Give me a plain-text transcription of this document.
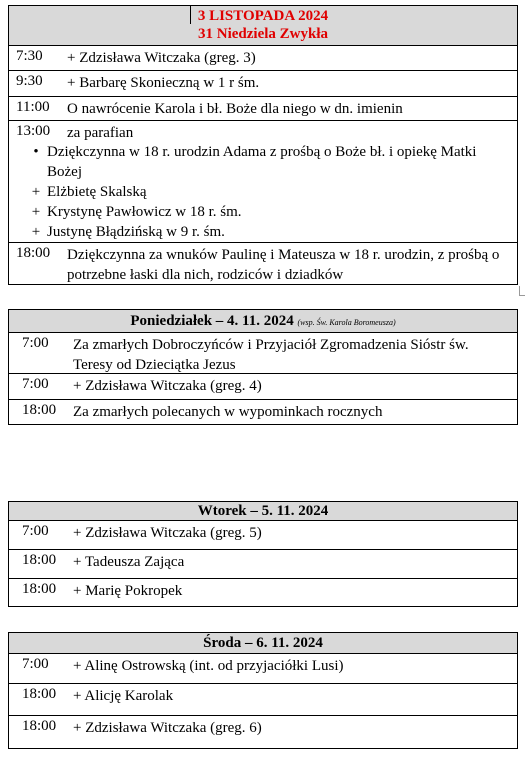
3 LISTOPADA 2024
31 Niedziela Zwykła
7:30 + Zdzisława Witczaka (greg. 3)
9:30 + Barbarę Skonieczną w 1 r śm.
11:00 O nawrócenie Karola i bł. Boże dla niego w dn. imienin
13:00 za parafian
• Dziękczynna w 18 r. urodzin Adama z prośbą o Boże bł. i opiekę Matki Bożej
+ Elżbietę Skalską
+ Krystynę Pawłowicz w 18 r. śm.
+ Justynę Błądzińską w 9 r. śm.
18:00 Dziękczynna za wnuków Paulinę i Mateusza w 18 r. urodzin, z prośbą o potrzebne łaski dla nich, rodziców i dziadków
Poniedziałek – 4. 11. 2024 (wsp. Św. Karola Boromeusza)
7:00 Za zmarłych Dobroczyńców i Przyjaciół Zgromadzenia Sióstr św. Teresy od Dzieciątka Jezus
7:00 + Zdzisława Witczaka (greg. 4)
18:00 Za zmarłych polecanych w wypominkach rocznych
Wtorek – 5. 11. 2024
7:00 + Zdzisława Witczaka (greg. 5)
18:00 + Tadeusza Zająca
18:00 + Marię Pokropek
Środa – 6. 11. 2024
7:00 + Alinę Ostrowską (int. od przyjaciółki Lusi)
18:00 + Alicję Karolak
18:00 + Zdzisława Witczaka (greg. 6)
